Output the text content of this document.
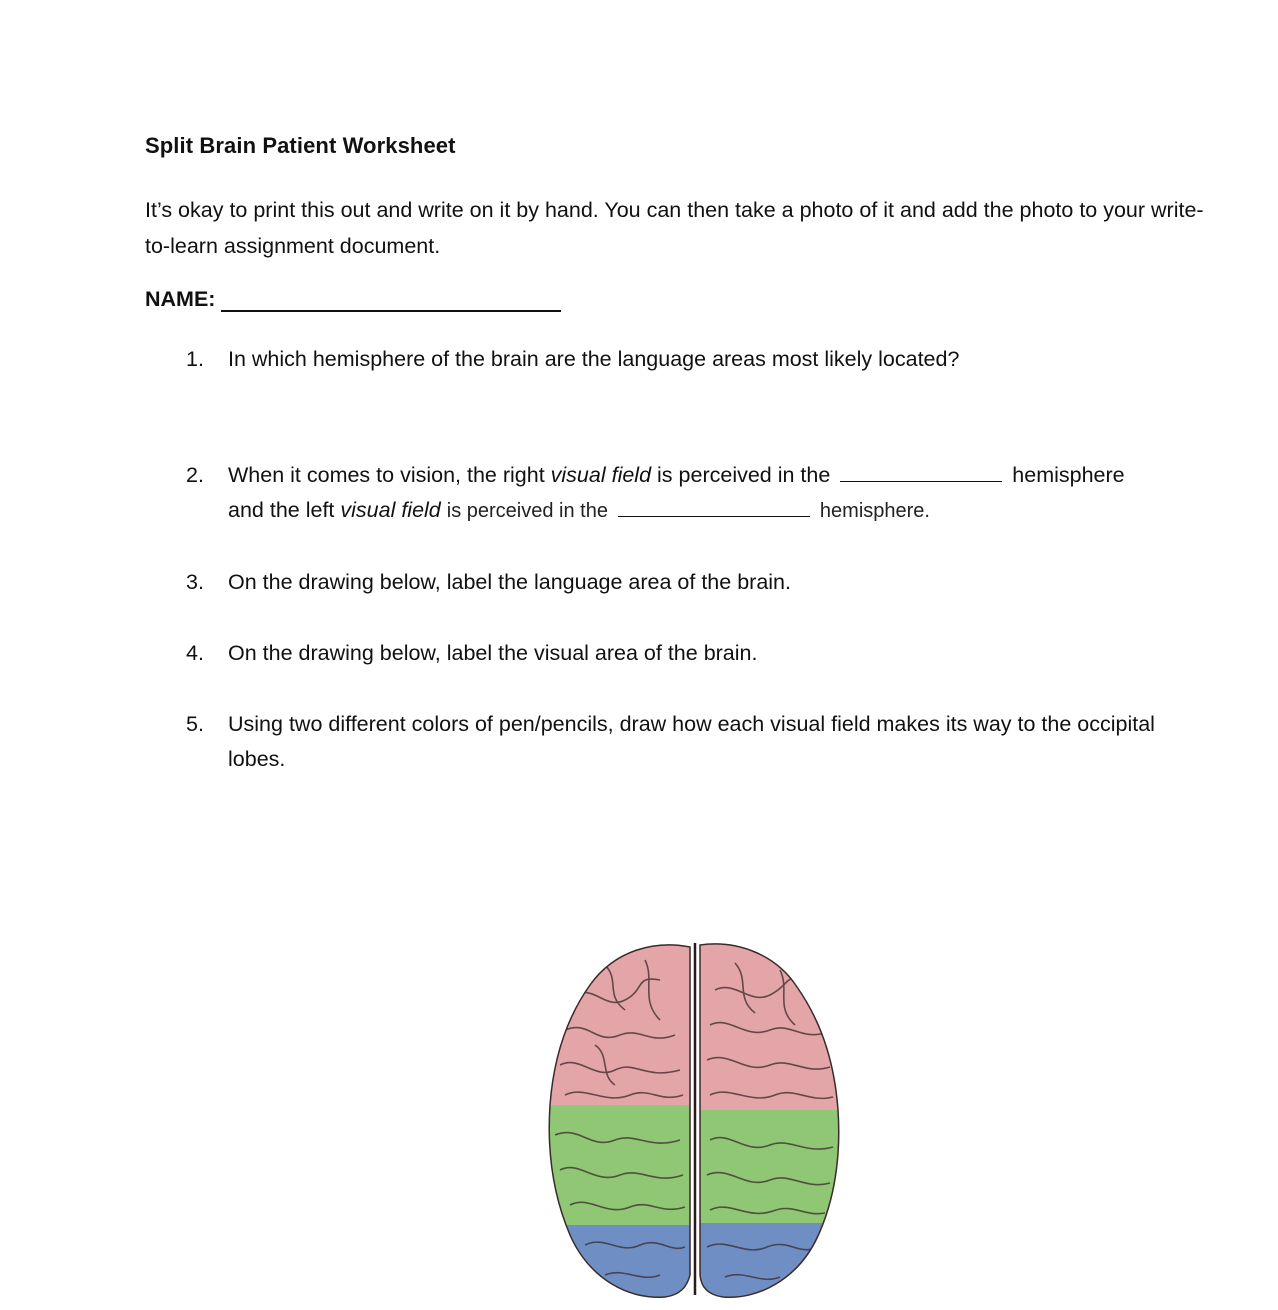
Split Brain Patient Worksheet
It’s okay to print this out and write on it by hand. You can then take a photo of it and add the photo to your write-to-learn assignment document.
NAME:
1.	In which hemisphere of the brain are the language areas most likely located?
2.	When it comes to vision, the right visual field is perceived in the	hemisphere
and the left visual field is perceived in the	hemisphere.
3.	On the drawing below, label the language area of the brain.
4.	On the drawing below, label the visual area of the brain.
5.	Using two different colors of pen/pencils, draw how each visual field makes its way to the occipital lobes.
